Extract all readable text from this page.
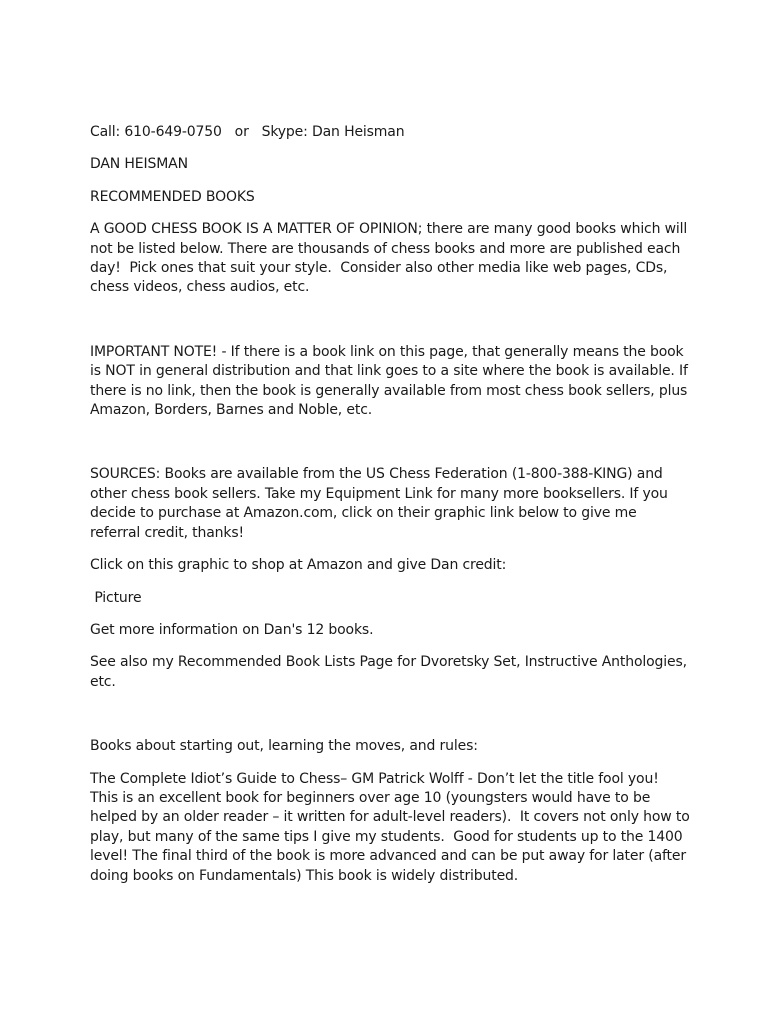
Call: 610-649-0750   or   Skype: Dan Heisman

DAN HEISMAN

RECOMMENDED BOOKS

A GOOD CHESS BOOK IS A MATTER OF OPINION; there are many good books which will not be listed below. There are thousands of chess books and more are published each day!  Pick ones that suit your style.  Consider also other media like web pages, CDs, chess videos, chess audios, etc.

IMPORTANT NOTE! - If there is a book link on this page, that generally means the book is NOT in general distribution and that link goes to a site where the book is available. If there is no link, then the book is generally available from most chess book sellers, plus Amazon, Borders, Barnes and Noble, etc.

SOURCES: Books are available from the US Chess Federation (1-800-388-KING) and other chess book sellers. Take my Equipment Link for many more booksellers. If you decide to purchase at Amazon.com, click on their graphic link below to give me referral credit, thanks!

Click on this graphic to shop at Amazon and give Dan credit:

Picture

Get more information on Dan's 12 books.

See also my Recommended Book Lists Page for Dvoretsky Set, Instructive Anthologies, etc.

Books about starting out, learning the moves, and rules:

The Complete Idiot’s Guide to Chess– GM Patrick Wolff - Don’t let the title fool you! This is an excellent book for beginners over age 10 (youngsters would have to be helped by an older reader – it written for adult-level readers).  It covers not only how to play, but many of the same tips I give my students.  Good for students up to the 1400 level! The final third of the book is more advanced and can be put away for later (after doing books on Fundamentals) This book is widely distributed.
